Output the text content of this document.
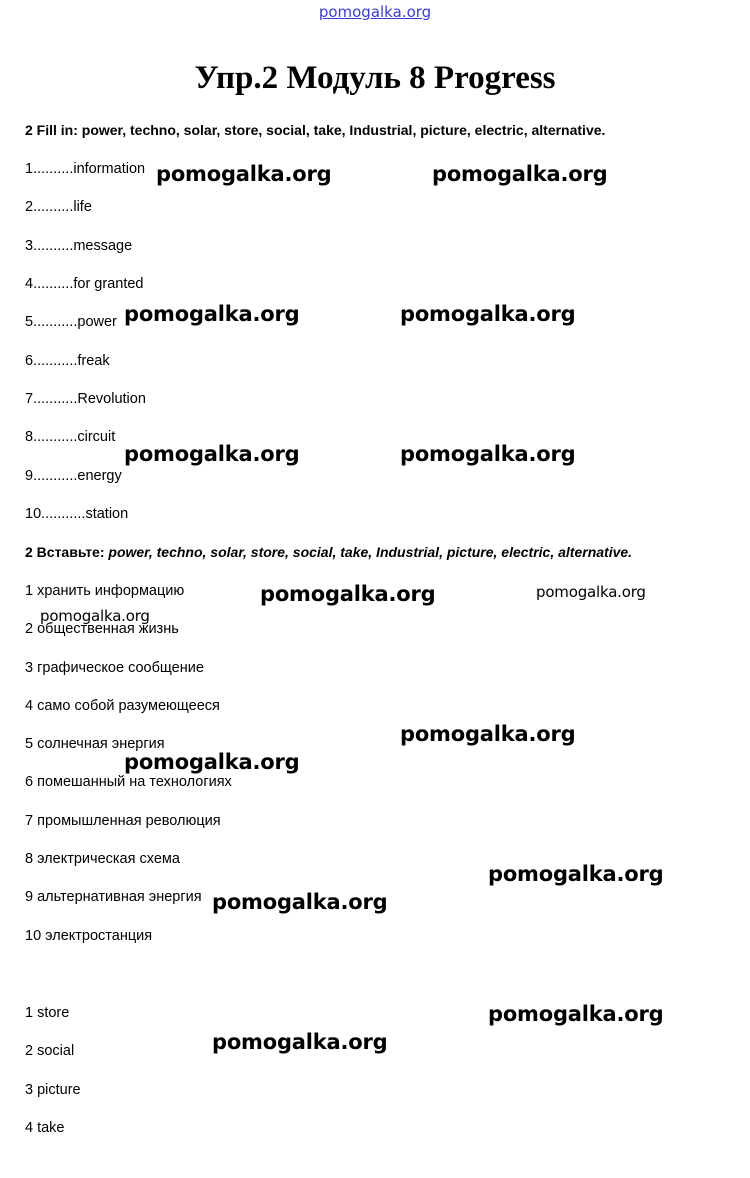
pomogalka.org
Упр.2 Модуль 8 Progress

2 Fill in: power, techno, solar, store, social, take, Industrial, picture, electric, alternative.

1..........information
2..........life
3..........message
4..........for granted
5...........power
6...........freak
7...........Revolution
8...........circuit
9...........energy
10...........station

2 Вставьте: power, techno, solar, store, social, take, Industrial, picture, electric, alternative.

1 хранить информацию
2 общественная жизнь
3 графическое сообщение
4 само собой разумеющееся
5 солнечная энергия
6 помешанный на технологиях
7 промышленная революция
8 электрическая схема
9 альтернативная энергия
10 электростанция
1 store
2 social
3 picture
4 take
pomogalka.org	pomogalka.org
pomogalka.org	pomogalka.org
pomogalka.org	pomogalka.org
pomogalka.org	pomogalka.org
pomogalka.org
pomogalka.org
pomogalka.org
pomogalka.org
pomogalka.org
pomogalka.org
pomogalka.org
